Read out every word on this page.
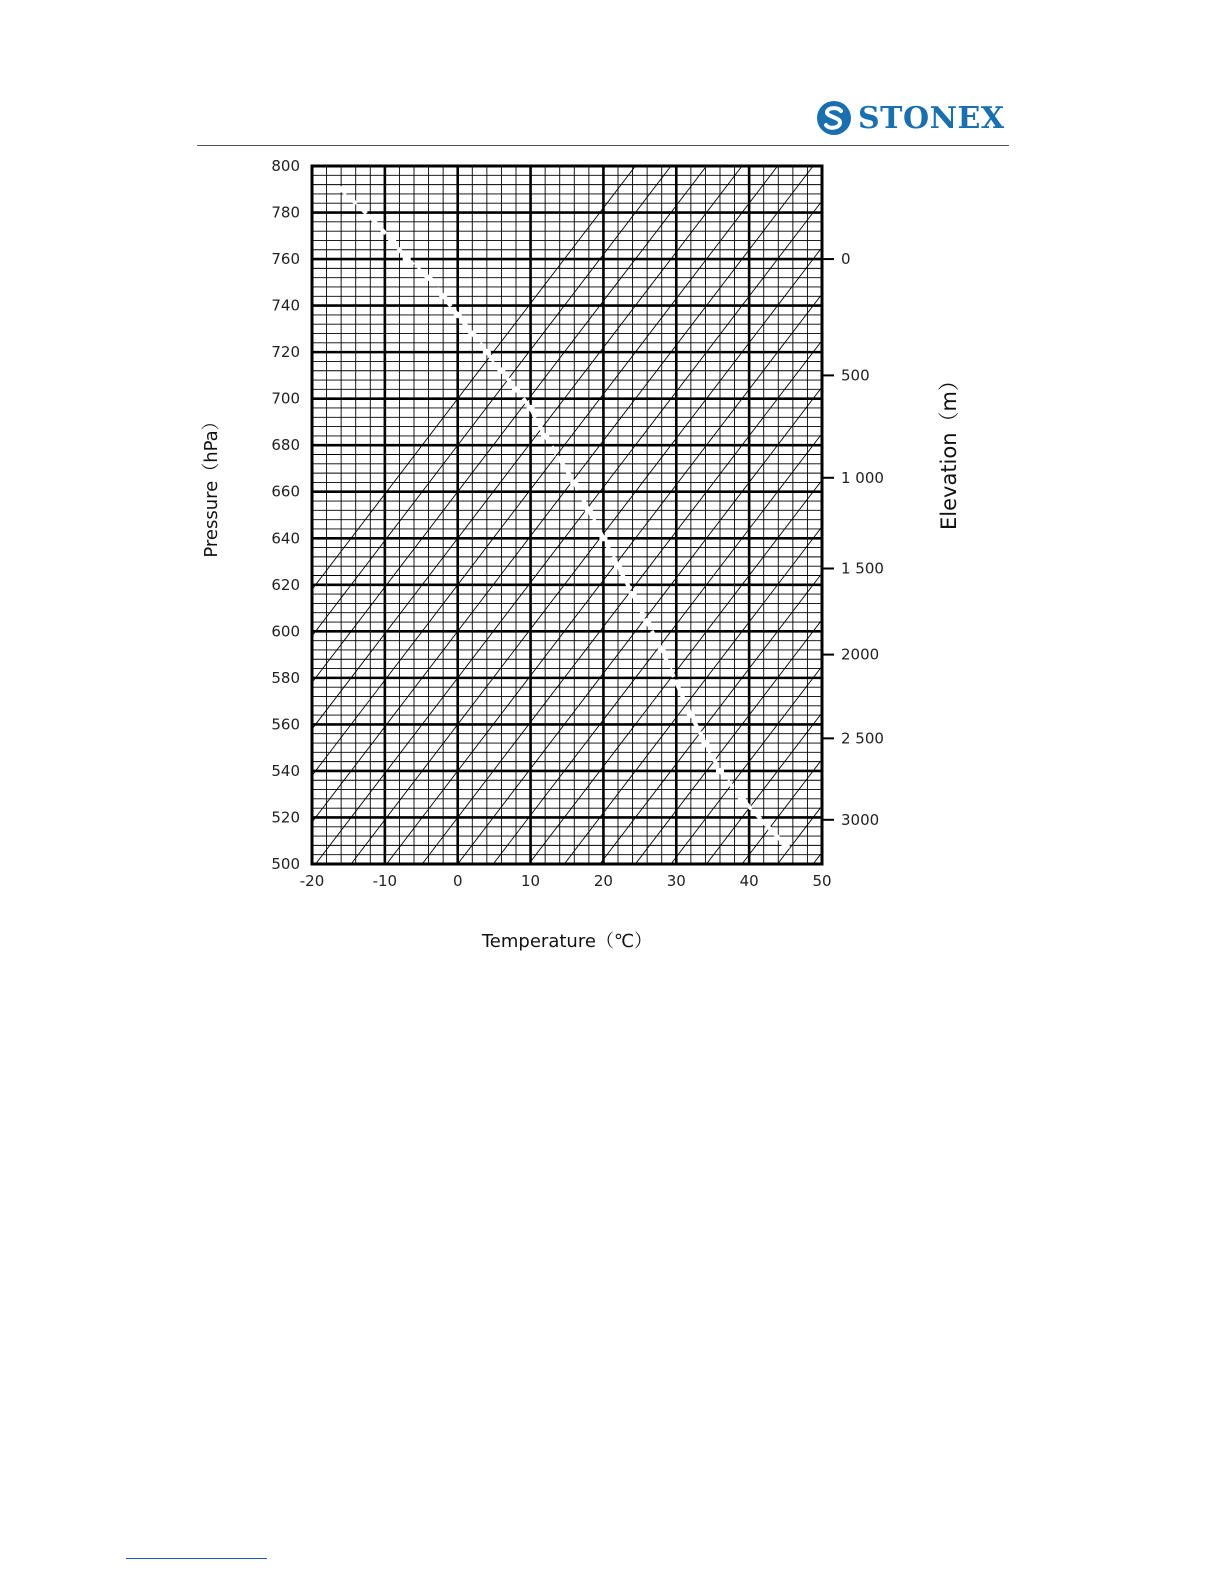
STONEX
-20	-10	0	10	20	30	40	50
800
780
760
740
720
700
680
660
640
620
600
580
560
540
520
500
0
500
1 000
1 500
2000
2 500
3000
Temperature（℃）
Pressure（hPa）	Elevation（m）
